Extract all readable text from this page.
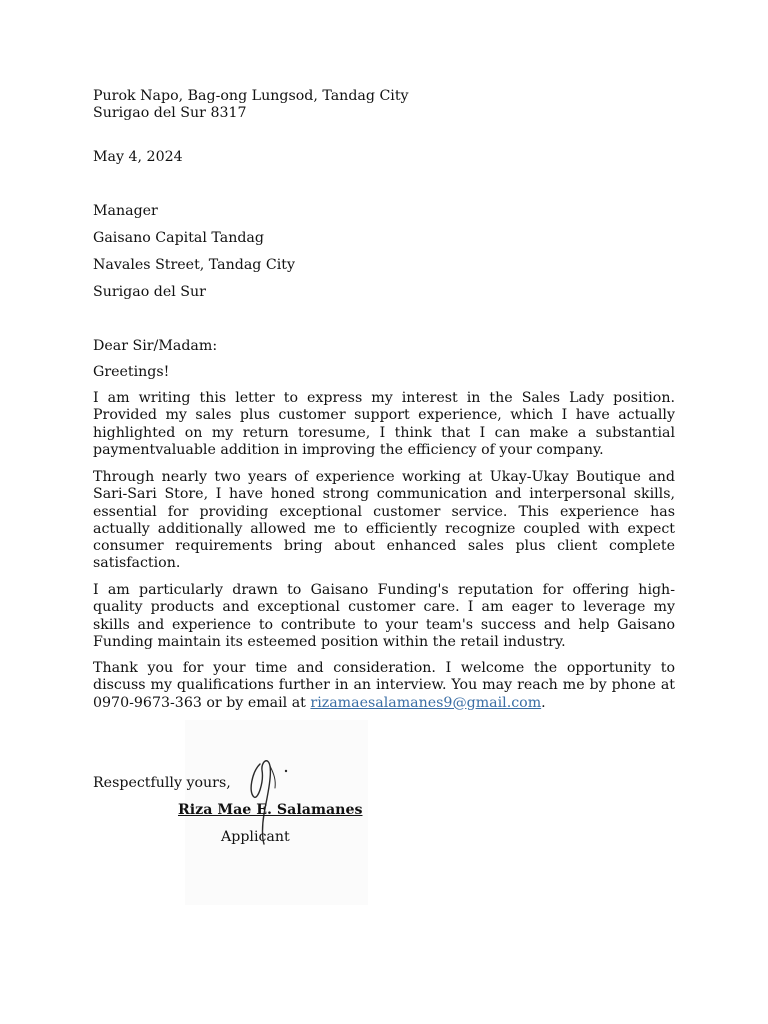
Purok Napo, Bag-ong Lungsod, Tandag City
Surigao del Sur 8317
May 4, 2024
Manager
Gaisano Capital Tandag
Navales Street, Tandag City
Surigao del Sur
Dear Sir/Madam:
Greetings!
I am writing this letter to express my interest in the Sales Lady position. Provided my sales plus customer support experience, which I have actually highlighted on my return toresume, I think that I can make a substantial paymentvaluable addition in improving the efficiency of your company.
Through nearly two years of experience working at Ukay-Ukay Boutique and Sari-Sari Store, I have honed strong communication and interpersonal skills, essential for providing exceptional customer service. This experience has actually additionally allowed me to efficiently recognize coupled with expect consumer requirements bring about enhanced sales plus client complete satisfaction.
I am particularly drawn to Gaisano Funding's reputation for offering high-quality products and exceptional customer care. I am eager to leverage my skills and experience to contribute to your team's success and help Gaisano Funding maintain its esteemed position within the retail industry.
Thank you for your time and consideration. I welcome the opportunity to discuss my qualifications further in an interview. You may reach me by phone at 0970-9673-363 or by email at rizamaesalamanes9@gmail.com.
Respectfully yours,
Riza Mae E. Salamanes
Applicant
